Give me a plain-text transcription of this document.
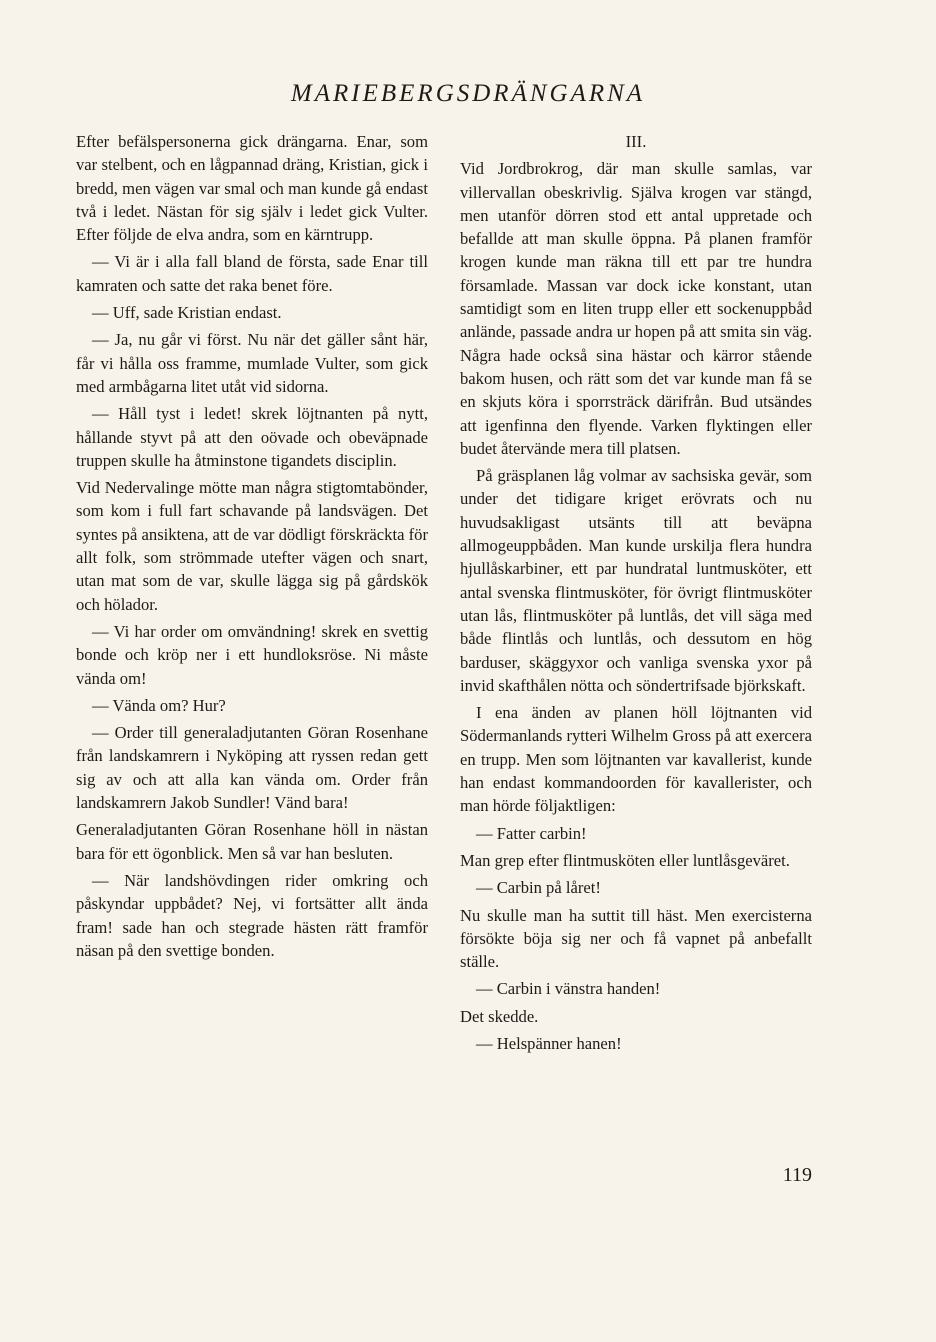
MARIEBERGSDRÄNGARNA

Efter befälspersonerna gick drängarna. Enar, som var stelbent, och en lågpannad dräng, Kristian, gick i bredd, men vägen var smal och man kunde gå endast två i ledet. Nästan för sig själv i ledet gick Vulter. Efter följde de elva andra, som en kärntrupp.

— Vi är i alla fall bland de första, sade Enar till kamraten och satte det raka benet före.

— Uff, sade Kristian endast.

— Ja, nu går vi först. Nu när det gäller sånt här, får vi hålla oss framme, mumlade Vulter, som gick med armbågarna litet utåt vid sidorna.

— Håll tyst i ledet! skrek löjtnanten på nytt, hållande styvt på att den oövade och obeväpnade truppen skulle ha åtminstone tigandets disciplin.

Vid Nedervalinge mötte man några stigtomtabönder, som kom i full fart schavande på landsvägen. Det syntes på ansiktena, att de var dödligt förskräckta för allt folk, som strömmade utefter vägen och snart, utan mat som de var, skulle lägga sig på gårdskök och hölador.

— Vi har order om omvändning! skrek en svettig bonde och kröp ner i ett hundloksröse. Ni måste vända om!

— Vända om? Hur?

— Order till generaladjutanten Göran Rosenhane från landskamrern i Nyköping att ryssen redan gett sig av och att alla kan vända om. Order från landskamrern Jakob Sundler! Vänd bara!

Generaladjutanten Göran Rosenhane höll in nästan bara för ett ögonblick. Men så var han besluten.

— När landshövdingen rider omkring och påskyndar uppbådet? Nej, vi fortsätter allt ända fram! sade han och stegrade hästen rätt framför näsan på den svettige bonden.

III.

Vid Jordbrokrog, där man skulle samlas, var villervallan obeskrivlig. Själva krogen var stängd, men utanför dörren stod ett antal uppretade och befallde att man skulle öppna. På planen framför krogen kunde man räkna till ett par tre hundra församlade. Massan var dock icke konstant, utan samtidigt som en liten trupp eller ett sockenuppbåd anlände, passade andra ur hopen på att smita sin väg. Några hade också sina hästar och kärror stående bakom husen, och rätt som det var kunde man få se en skjuts köra i sporrsträck därifrån. Bud utsändes att igenfinna den flyende. Varken flyktingen eller budet återvände mera till platsen.

På gräsplanen låg volmar av sachsiska gevär, som under det tidigare kriget erövrats och nu huvudsakligast utsänts till att beväpna allmogeuppbåden. Man kunde urskilja flera hundra hjullåskarbiner, ett par hundratal luntmusköter, ett antal svenska flintmusköter, för övrigt flintmusköter utan lås, flintmusköter på luntlås, det vill säga med både flintlås och luntlås, och dessutom en hög barduser, skäggyxor och vanliga svenska yxor på invid skafthålen nötta och söndertrifsade björkskaft.

I ena änden av planen höll löjtnanten vid Södermanlands rytteri Wilhelm Gross på att exercera en trupp. Men som löjtnanten var kavallerist, kunde han endast kommandoorden för kavallerister, och man hörde följaktligen:

— Fatter carbin!

Man grep efter flintmusköten eller luntlåsgeväret.

— Carbin på låret!

Nu skulle man ha suttit till häst. Men exercisterna försökte böja sig ner och få vapnet på anbefallt ställe.

— Carbin i vänstra handen!

Det skedde.

— Helspänner hanen!

119
